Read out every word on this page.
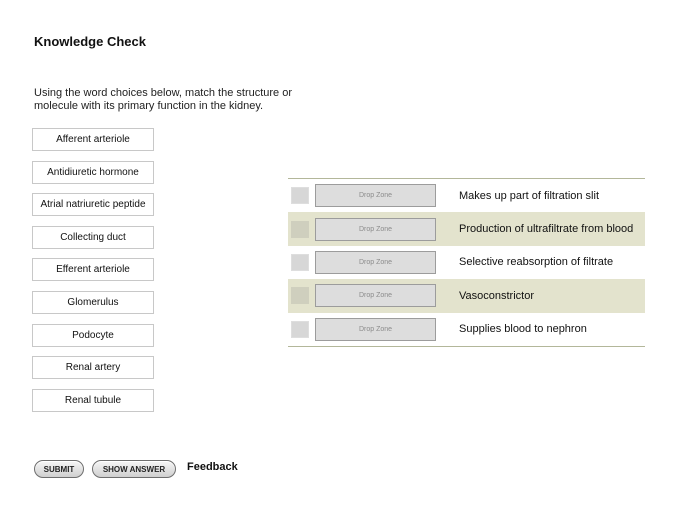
Knowledge Check
Using the word choices below, match the structure or molecule with its primary function in the kidney.
Afferent arteriole
Antidiuretic hormone
Atrial natriuretic peptide
Collecting duct
Efferent arteriole
Glomerulus
Podocyte
Renal artery
Renal tubule
Drop Zone	Makes up part of filtration slit
Drop Zone	Production of ultrafiltrate from blood
Drop Zone	Selective reabsorption of filtrate
Drop Zone	Vasoconstrictor
Drop Zone	Supplies blood to nephron
SUBMIT	SHOW ANSWER	Feedback
